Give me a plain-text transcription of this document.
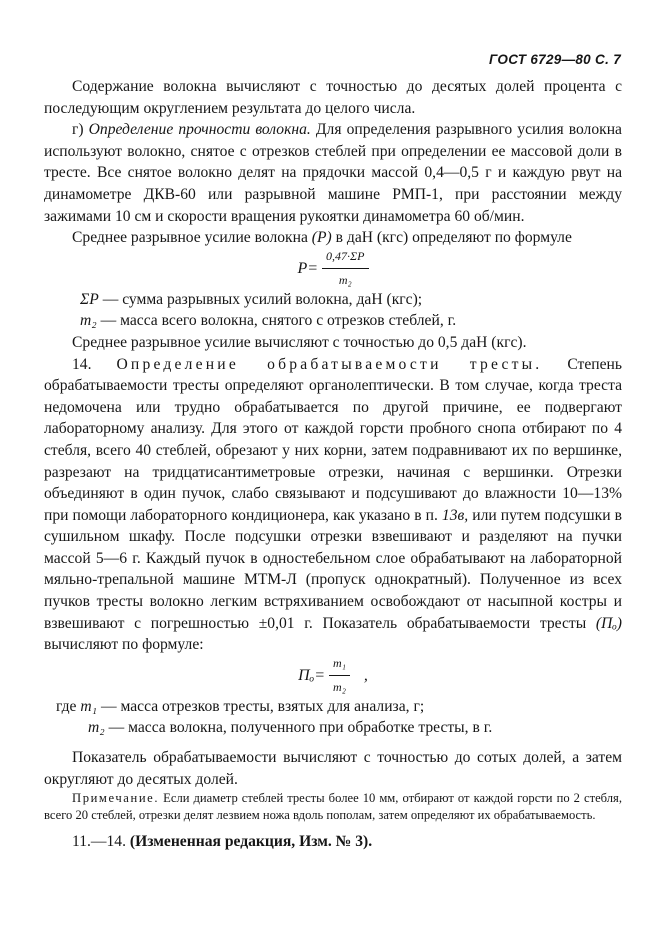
ГОСТ 6729—80 С. 7

Содержание волокна вычисляют с точностью до десятых долей процента с последующим округлением результата до целого числа.

г) Определение прочности волокна. Для определения разрывного усилия волокна используют волокно, снятое с отрезков стеблей при определении ее массовой доли в тресте. Все снятое волокно делят на прядочки массой 0,4—0,5 г и каждую рвут на динамометре ДКВ-60 или разрывной машине РМП-1, при расстоянии между зажимами 10 см и скорости вращения рукоятки динамометра 60 об/мин.

Среднее разрывное усилие волокна (P) в даН (кгс) определяют по формуле

$P = \frac{0,47\cdot\Sigma P}{\text{m₂}}$

ΣP — сумма разрывных усилий волокна, даН (кгс);

m₂ — масса всего волокна, снятого с отрезков стеблей, г.

Среднее разрывное усилие вычисляют с точностью до 0,5 даН (кгс).

14. Определение обрабатываемости тресты. Степень обрабатываемости тресты определяют органолептически. В том случае, когда треста недомочена или трудно обрабатывается по другой причине, ее подвергают лабораторному анализу. Для этого от каждой горсти пробного снопа отбирают по 4 стебля, всего 40 стеблей, обрезают у них корни, затем подравнивают их по вершинке, разрезают на тридцатисантиметровые отрезки, начиная с вершинки. Отрезки объединяют в один пучок, слабо связывают и подсушивают до влажности 10—13% при помощи лабораторного кондиционера, как указано в п. 13в, или путем подсушки в сушильном шкафу. После подсушки отрезки взвешивают и разделяют на пучки массой 5—6 г. Каждый пучок в одностебельном слое обрабатывают на лабораторной мяльно-трепальной машине МТМ-Л (пропуск однократный). Полученное из всех пучков тресты волокно легким встряхиванием освобождают от насыпной костры и взвешивают с погрешностью ±0,01 г. Показатель обрабатываемости тресты (Пₒ) вычисляют по формуле:

$П_o = \frac{\text{m₁}}{\text{m₂}}$ ,

где m₁ — масса отрезков тресты, взятых для анализа, г;

m₂ — масса волокна, полученного при обработке тресты, в г.

Показатель обрабатываемости вычисляют с точностью до сотых долей, а затем округляют до десятых долей.

Примечание. Если диаметр стеблей тресты более 10 мм, отбирают от каждой горсти по 2 стебля, всего 20 стеблей, отрезки делят лезвием ножа вдоль пополам, затем определяют их обрабатываемость.

11.—14. (Измененная редакция, Изм. № 3).
